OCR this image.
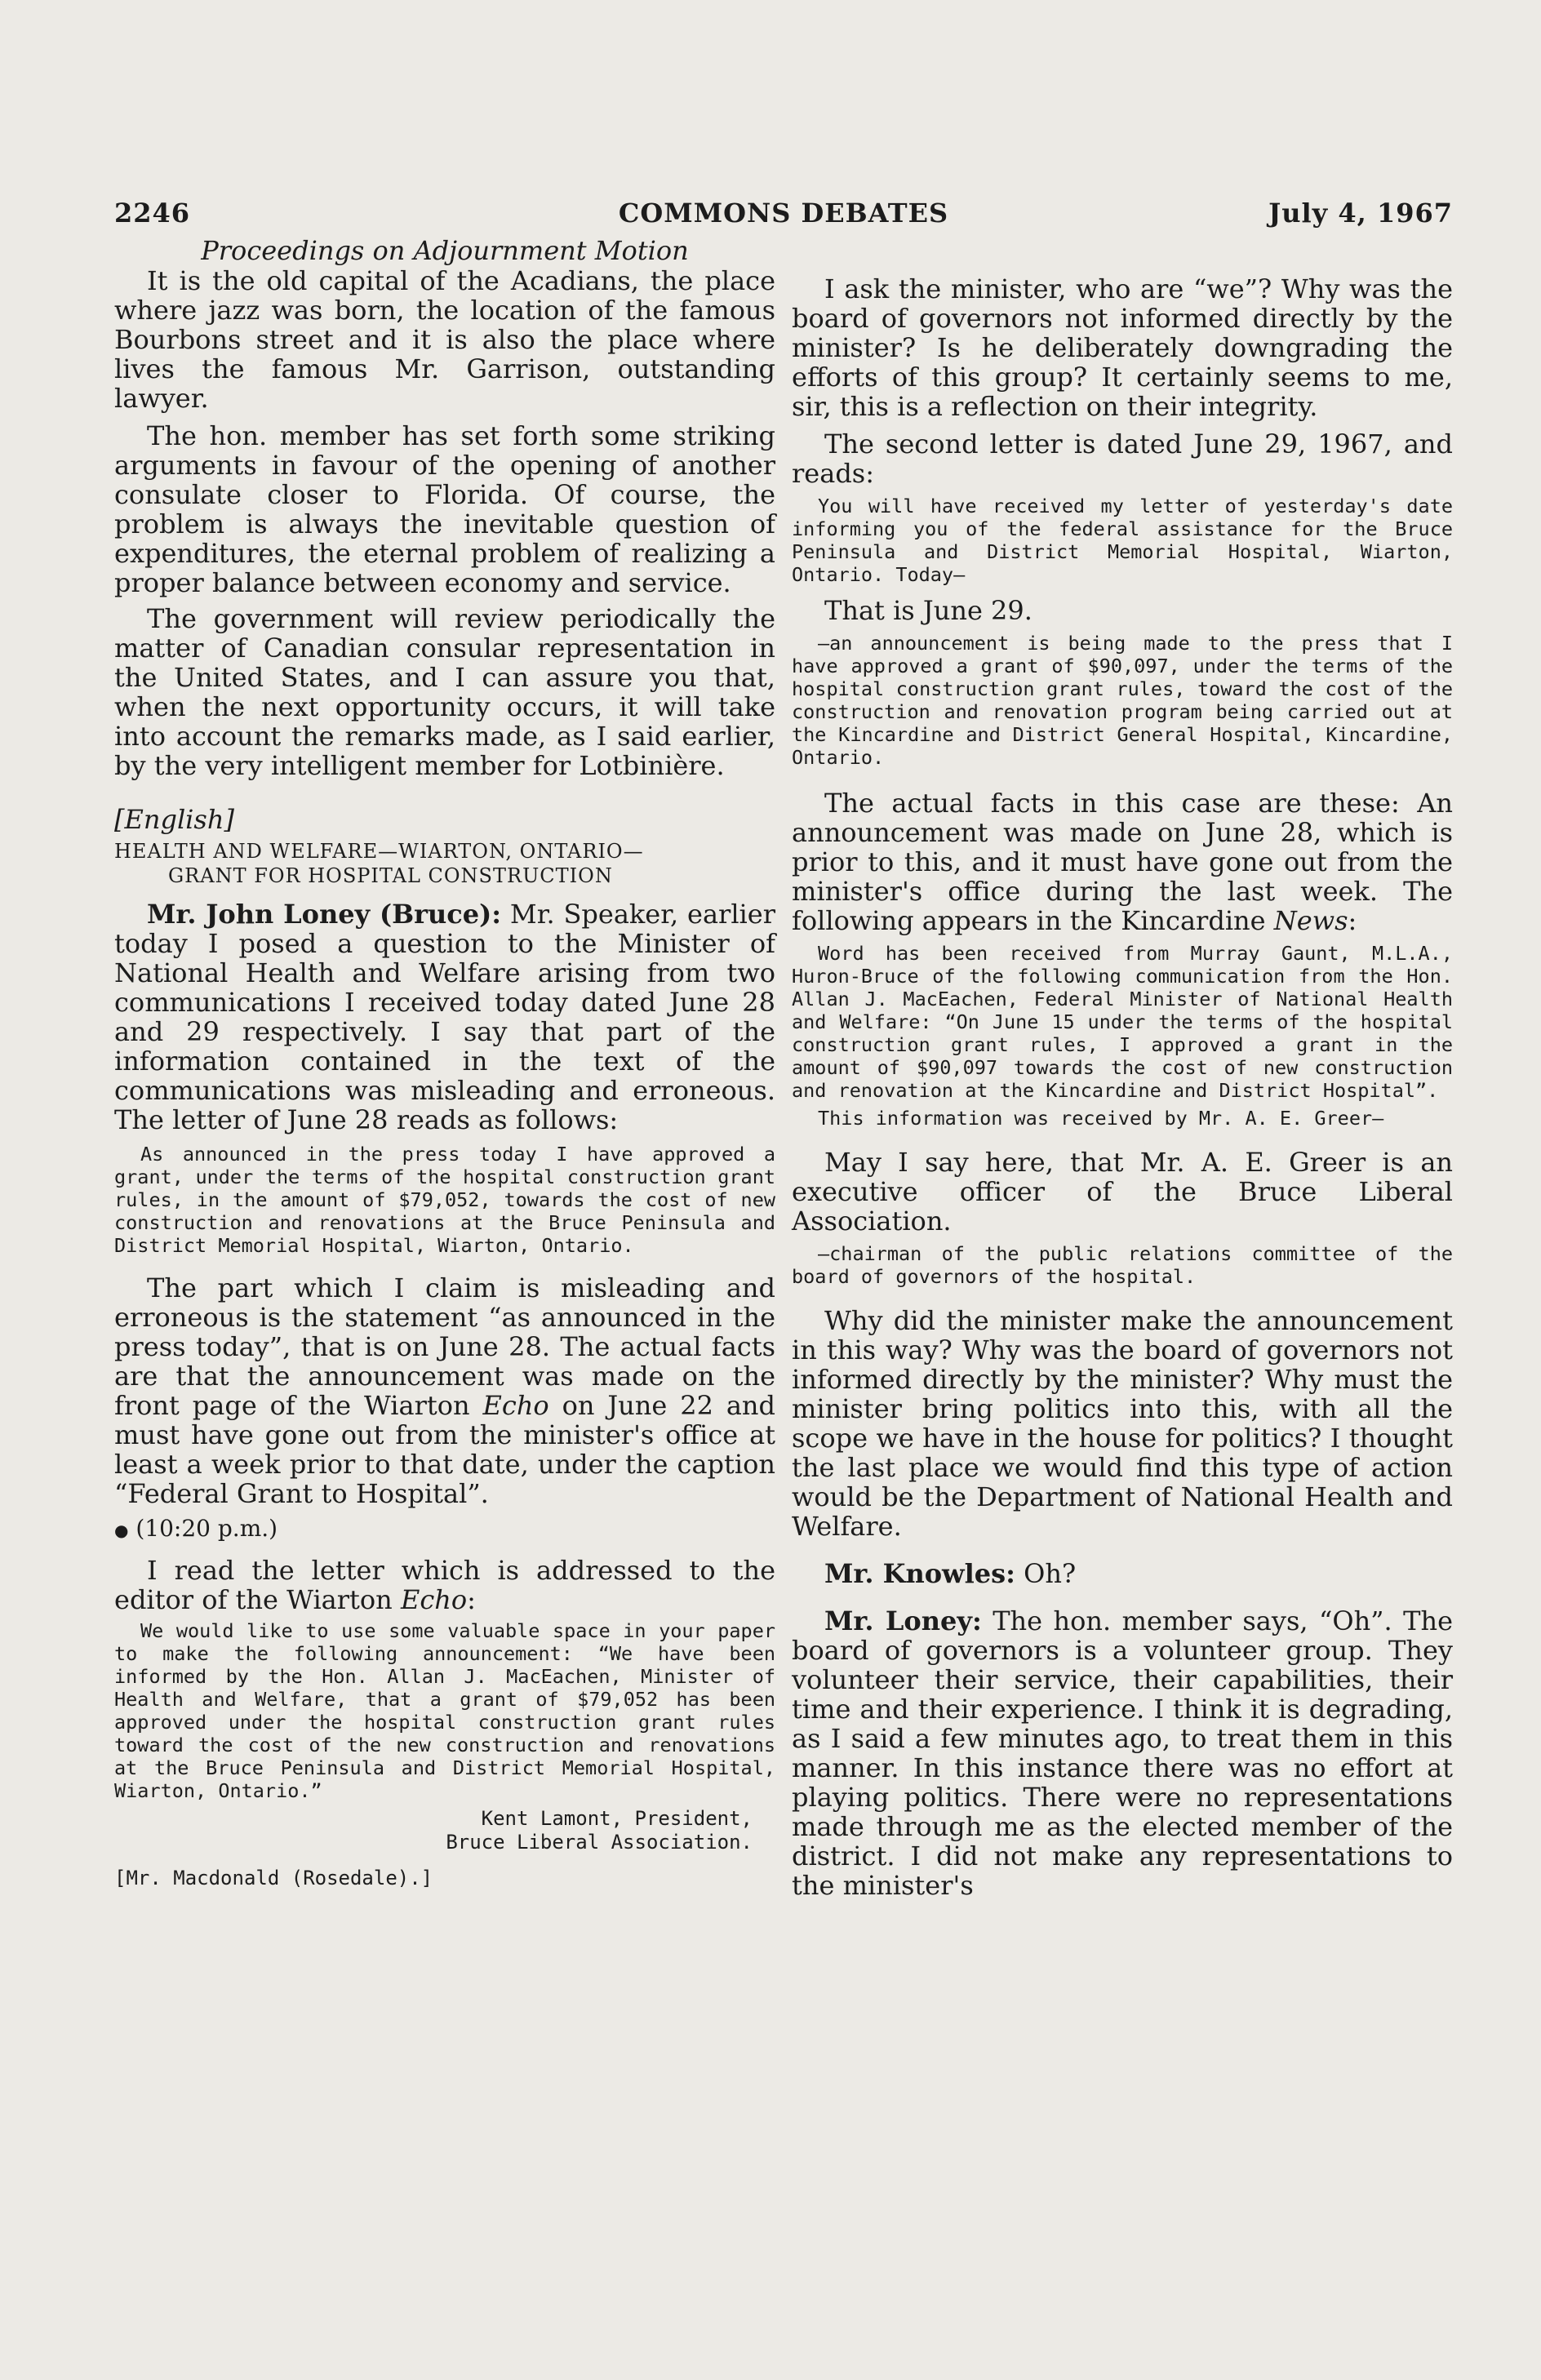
2246	COMMONS DEBATES	July 4, 1967

Proceedings on Adjournment Motion

It is the old capital of the Acadians, the place where jazz was born, the location of the famous Bourbons street and it is also the place where lives the famous Mr. Garrison, outstanding lawyer.

The hon. member has set forth some striking arguments in favour of the opening of another consulate closer to Florida. Of course, the problem is always the inevitable question of expenditures, the eternal problem of realizing a proper balance between economy and service.

The government will review periodically the matter of Canadian consular representation in the United States, and I can assure you that, when the next opportunity occurs, it will take into account the remarks made, as I said earlier, by the very intelligent member for Lotbinière.

[English]

HEALTH AND WELFARE—WIARTON, ONTARIO—
GRANT FOR HOSPITAL CONSTRUCTION

Mr. John Loney (Bruce): Mr. Speaker, earlier today I posed a question to the Minister of National Health and Welfare arising from two communications I received today dated June 28 and 29 respectively. I say that part of the information contained in the text of the communications was misleading and erroneous. The letter of June 28 reads as follows:

As announced in the press today I have approved a grant, under the terms of the hospital construction grant rules, in the amount of $79,052, towards the cost of new construction and renovations at the Bruce Peninsula and District Memorial Hospital, Wiarton, Ontario.

The part which I claim is misleading and erroneous is the statement “as announced in the press today”, that is on June 28. The actual facts are that the announcement was made on the front page of the Wiarton Echo on June 22 and must have gone out from the minister's office at least a week prior to that date, under the caption “Federal Grant to Hospital”.

● (10:20 p.m.)

I read the letter which is addressed to the editor of the Wiarton Echo:

We would like to use some valuable space in your paper to make the following announcement: “We have been informed by the Hon. Allan J. MacEachen, Minister of Health and Welfare, that a grant of $79,052 has been approved under the hospital construction grant rules toward the cost of the new construction and renovations at the Bruce Peninsula and District Memorial Hospital, Wiarton, Ontario.”

Kent Lamont, President,

Bruce Liberal Association.

[Mr. Macdonald (Rosedale).]

I ask the minister, who are “we”? Why was the board of governors not informed directly by the minister? Is he deliberately downgrading the efforts of this group? It certainly seems to me, sir, this is a reflection on their integrity.

The second letter is dated June 29, 1967, and reads:

You will have received my letter of yesterday's date informing you of the federal assistance for the Bruce Peninsula and District Memorial Hospital, Wiarton, Ontario. Today—

That is June 29.

—an announcement is being made to the press that I have approved a grant of $90,097, under the terms of the hospital construction grant rules, toward the cost of the construction and renovation program being carried out at the Kincardine and District General Hospital, Kincardine, Ontario.

The actual facts in this case are these: An announcement was made on June 28, which is prior to this, and it must have gone out from the minister's office during the last week. The following appears in the Kincardine News:

Word has been received from Murray Gaunt, M.L.A., Huron-Bruce of the following communication from the Hon. Allan J. MacEachen, Federal Minister of National Health and Welfare: “On June 15 under the terms of the hospital construction grant rules, I approved a grant in the amount of $90,097 towards the cost of new construction and renovation at the Kincardine and District Hospital”.

This information was received by Mr. A. E. Greer—

May I say here, that Mr. A. E. Greer is an executive officer of the Bruce Liberal Association.

—chairman of the public relations committee of the board of governors of the hospital.

Why did the minister make the announcement in this way? Why was the board of governors not informed directly by the minister? Why must the minister bring politics into this, with all the scope we have in the house for politics? I thought the last place we would find this type of action would be the Department of National Health and Welfare.

Mr. Knowles: Oh?

Mr. Loney: The hon. member says, “Oh”. The board of governors is a volunteer group. They volunteer their service, their capabilities, their time and their experience. I think it is degrading, as I said a few minutes ago, to treat them in this manner. In this instance there was no effort at playing politics. There were no representations made through me as the elected member of the district. I did not make any representations to the minister's
